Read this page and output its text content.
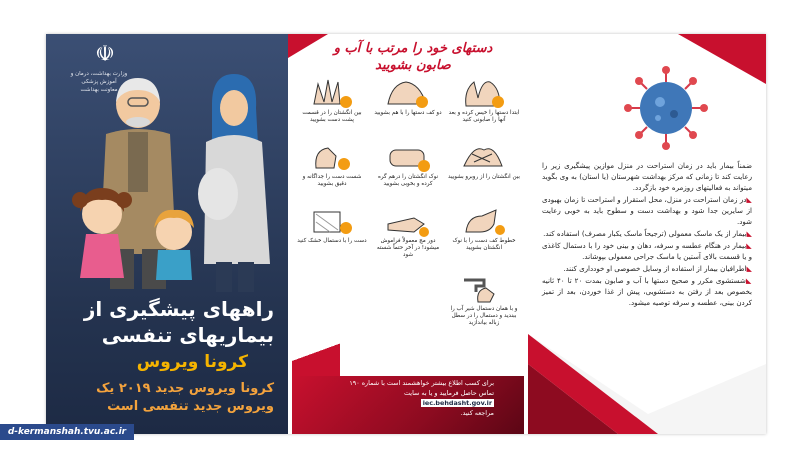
☫
وزارت بهداشت، درمان و آموزش پزشکی
معاونت بهداشت
راههای پیشگیری از بیماریهای تنفسی
کرونا ویروس
کرونا ویروس جدید ۲۰۱۹ یک ویروس جدید تنفسی است
دستهای خود را مرتب با آب و صابون بشویید
ابتدا دستها را خیس کرده و بعد آنها را صابونی کنید
دو کف دستها را با هم بشویید
بین انگشتان را در قسمت پشت دست بشویید
بین انگشتان را از روبرو بشویید
نوک انگشتان را درهم گره کرده و بخوبی بشویید
شست دست را جداگانه و دقیق بشویید
خطوط کف دست را با نوک انگشتان بشویید
دور مچ معمولاً فراموش میشود! در آخر حتماً شسته شود
دست را با دستمال خشک کنید
و با همان دستمال شیر آب را ببندید و دستمال را در سطل زباله بیاندازید
برای کسب اطلاع بیشتر خواهشمند است با شماره ۱۹۰
تماس حاصل فرمایید و یا به سایت
iec.behdasht.gov.ir
مراجعه کنید.

ضمناً بیمار باید در زمان استراحت در منزل موازین پیشگیری زیر را رعایت کند تا زمانی که مرکز بهداشت شهرستان (یا استان) به وی بگوید میتواند به فعالیتهای روزمره خود بازگردد.

◣در زمان استراحت در منزل، محل استقرار و استراحت تا زمان بهبودی از سایرین جدا شود و بهداشت دست و سطوح باید به خوبی رعایت شود.

◣بیمار از یک ماسک معمولی (ترجیحاً ماسک یکبار مصرف) استفاده کند.

◣بیمار در هنگام عطسه و سرفه، دهان و بینی خود را با دستمال کاغذی و یا قسمت بالای آستین یا ماسک جراحی معمولی بپوشاند.

◣اطرافیان بیمار از استفاده از وسایل خصوصی او خودداری کنند.

◣شستشوی مکرر و صحیح دستها با آب و صابون بمدت ۲۰ تا ۴۰ ثانیه بخصوص بعد از رفتن به دستشویی، پیش از غذا خوردن، بعد از تمیز کردن بینی، عطسه و سرفه توصیه میشود.

d-kermanshah.tvu.ac.ir
